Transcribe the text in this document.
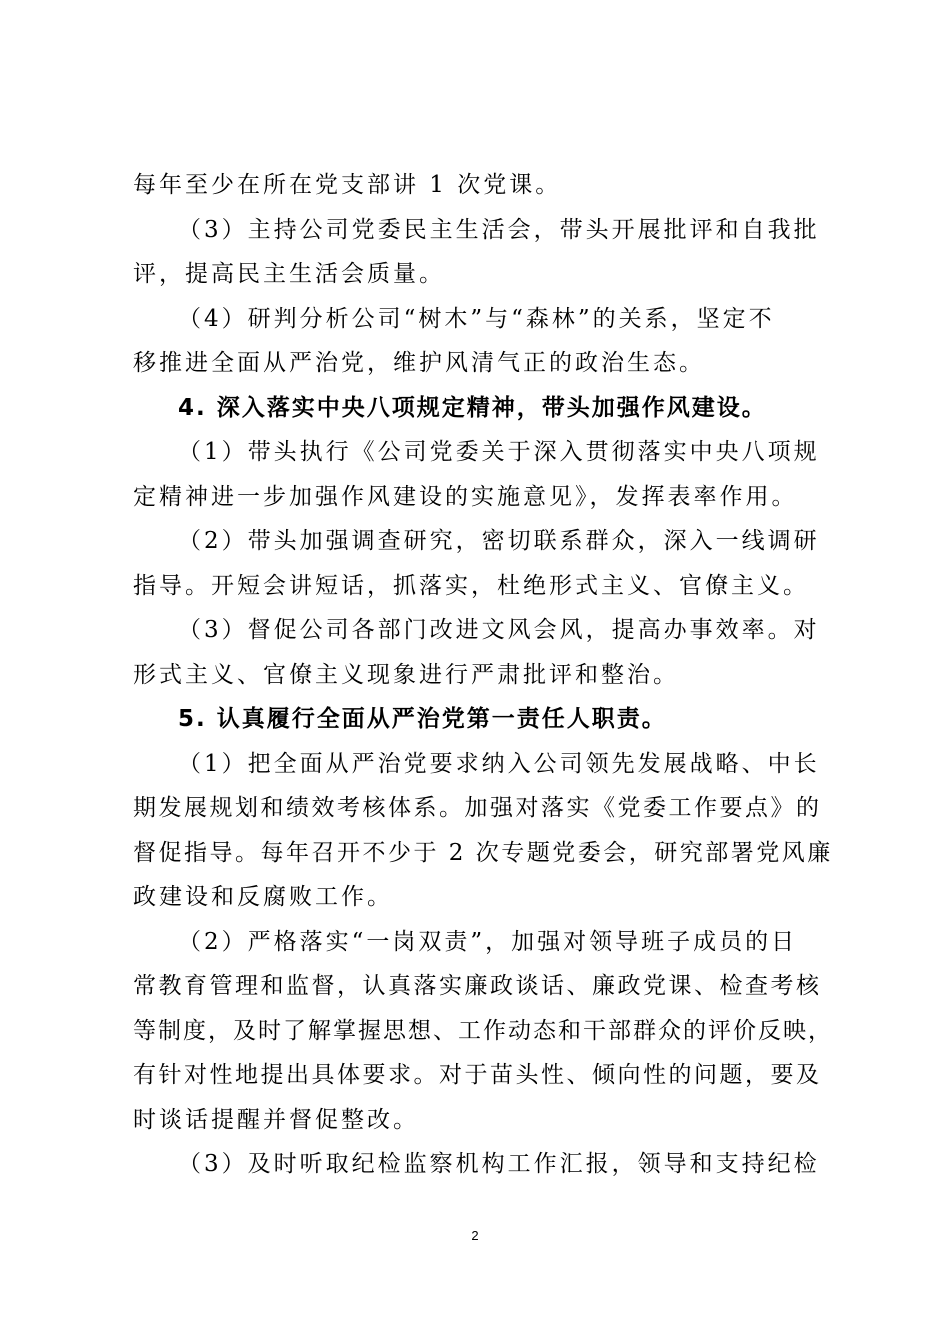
每年至少在所在党支部讲 1 次党课。
（3）主持公司党委民主生活会，带头开展批评和自我批
评，提高民主生活会质量。
（4）研判分析公司“树木”与“森林”的关系，坚定不
移推进全面从严治党，维护风清气正的政治生态。
4. 深入落实中央八项规定精神，带头加强作风建设。
（1）带头执行《公司党委关于深入贯彻落实中央八项规
定精神进一步加强作风建设的实施意见》，发挥表率作用。
（2）带头加强调查研究，密切联系群众，深入一线调研
指导。开短会讲短话，抓落实，杜绝形式主义、官僚主义。
（3）督促公司各部门改进文风会风，提高办事效率。对
形式主义、官僚主义现象进行严肃批评和整治。
5. 认真履行全面从严治党第一责任人职责。
（1）把全面从严治党要求纳入公司领先发展战略、中长
期发展规划和绩效考核体系。加强对落实《党委工作要点》的
督促指导。每年召开不少于 2 次专题党委会，研究部署党风廉
政建设和反腐败工作。
（2）严格落实“一岗双责”，加强对领导班子成员的日
常教育管理和监督，认真落实廉政谈话、廉政党课、检查考核
等制度，及时了解掌握思想、工作动态和干部群众的评价反映，
有针对性地提出具体要求。对于苗头性、倾向性的问题，要及
时谈话提醒并督促整改。
（3）及时听取纪检监察机构工作汇报，领导和支持纪检
2
